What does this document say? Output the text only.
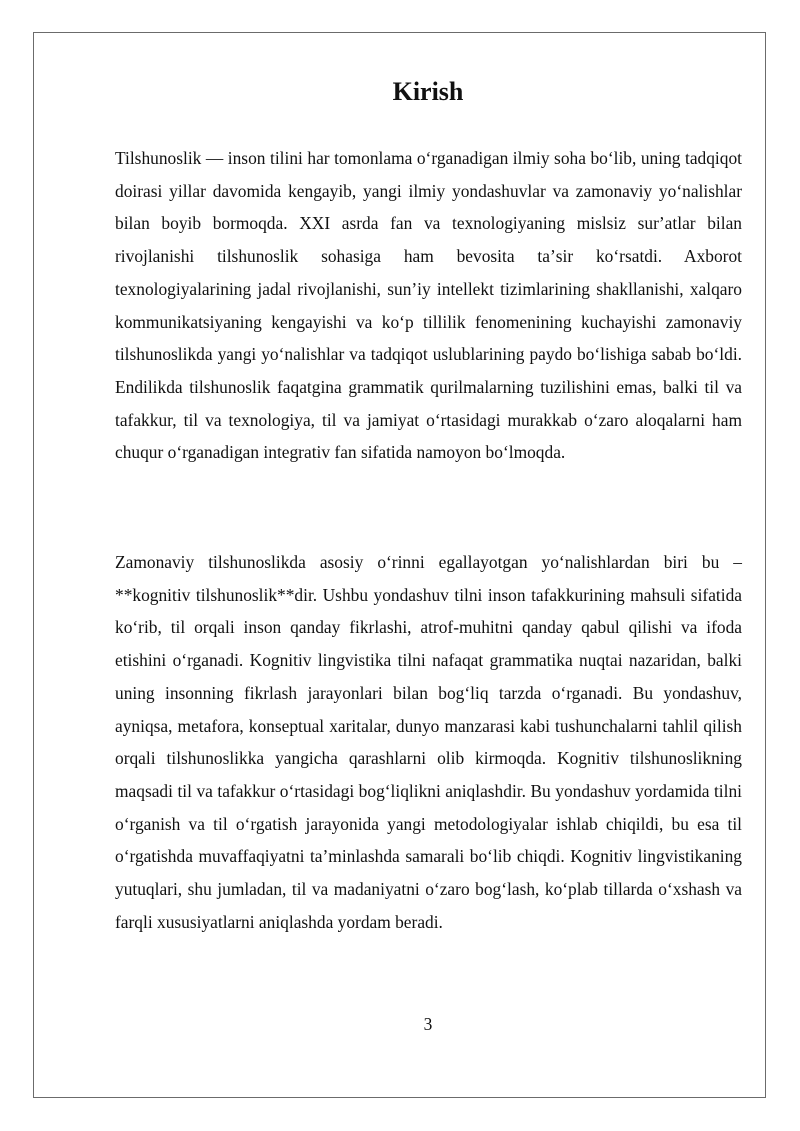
Kirish

Tilshunoslik — inson tilini har tomonlama oʻrganadigan ilmiy soha boʻlib, uning tadqiqot doirasi yillar davomida kengayib, yangi ilmiy yondashuvlar va zamonaviy yoʻnalishlar bilan boyib bormoqda. XXI asrda fan va texnologiyaning mislsiz surʼatlar bilan rivojlanishi tilshunoslik sohasiga ham bevosita taʼsir koʻrsatdi. Axborot texnologiyalarining jadal rivojlanishi, sunʼiy intellekt tizimlarining shakllanishi, xalqaro kommunikatsiyaning kengayishi va koʻp tillilik fenomenining kuchayishi zamonaviy tilshunoslikda yangi yoʻnalishlar va tadqiqot uslublarining paydo boʻlishiga sabab boʻldi. Endilikda tilshunoslik faqatgina grammatik qurilmalarning tuzilishini emas, balki til va tafakkur, til va texnologiya, til va jamiyat oʻrtasidagi murakkab oʻzaro aloqalarni ham chuqur oʻrganadigan integrativ fan sifatida namoyon boʻlmoqda.

Zamonaviy tilshunoslikda asosiy oʻrinni egallayotgan yoʻnalishlardan biri bu – **kognitiv tilshunoslik**dir. Ushbu yondashuv tilni inson tafakkurining mahsuli sifatida koʻrib, til orqali inson qanday fikrlashi, atrof-muhitni qanday qabul qilishi va ifoda etishini oʻrganadi. Kognitiv lingvistika tilni nafaqat grammatika nuqtai nazaridan, balki uning insonning fikrlash jarayonlari bilan bogʻliq tarzda oʻrganadi. Bu yondashuv, ayniqsa, metafora, konseptual xaritalar, dunyo manzarasi kabi tushunchalarni tahlil qilish orqali tilshunoslikka yangicha qarashlarni olib kirmoqda. Kognitiv tilshunoslikning maqsadi til va tafakkur oʻrtasidagi bogʻliqlikni aniqlashdir. Bu yondashuv yordamida tilni oʻrganish va til oʻrgatish jarayonida yangi metodologiyalar ishlab chiqildi, bu esa til oʻrgatishda muvaffaqiyatni taʼminlashda samarali boʻlib chiqdi. Kognitiv lingvistikaning yutuqlari, shu jumladan, til va madaniyatni oʻzaro bogʻlash, koʻplab tillarda oʻxshash va farqli xususiyatlarni aniqlashda yordam beradi.

3
